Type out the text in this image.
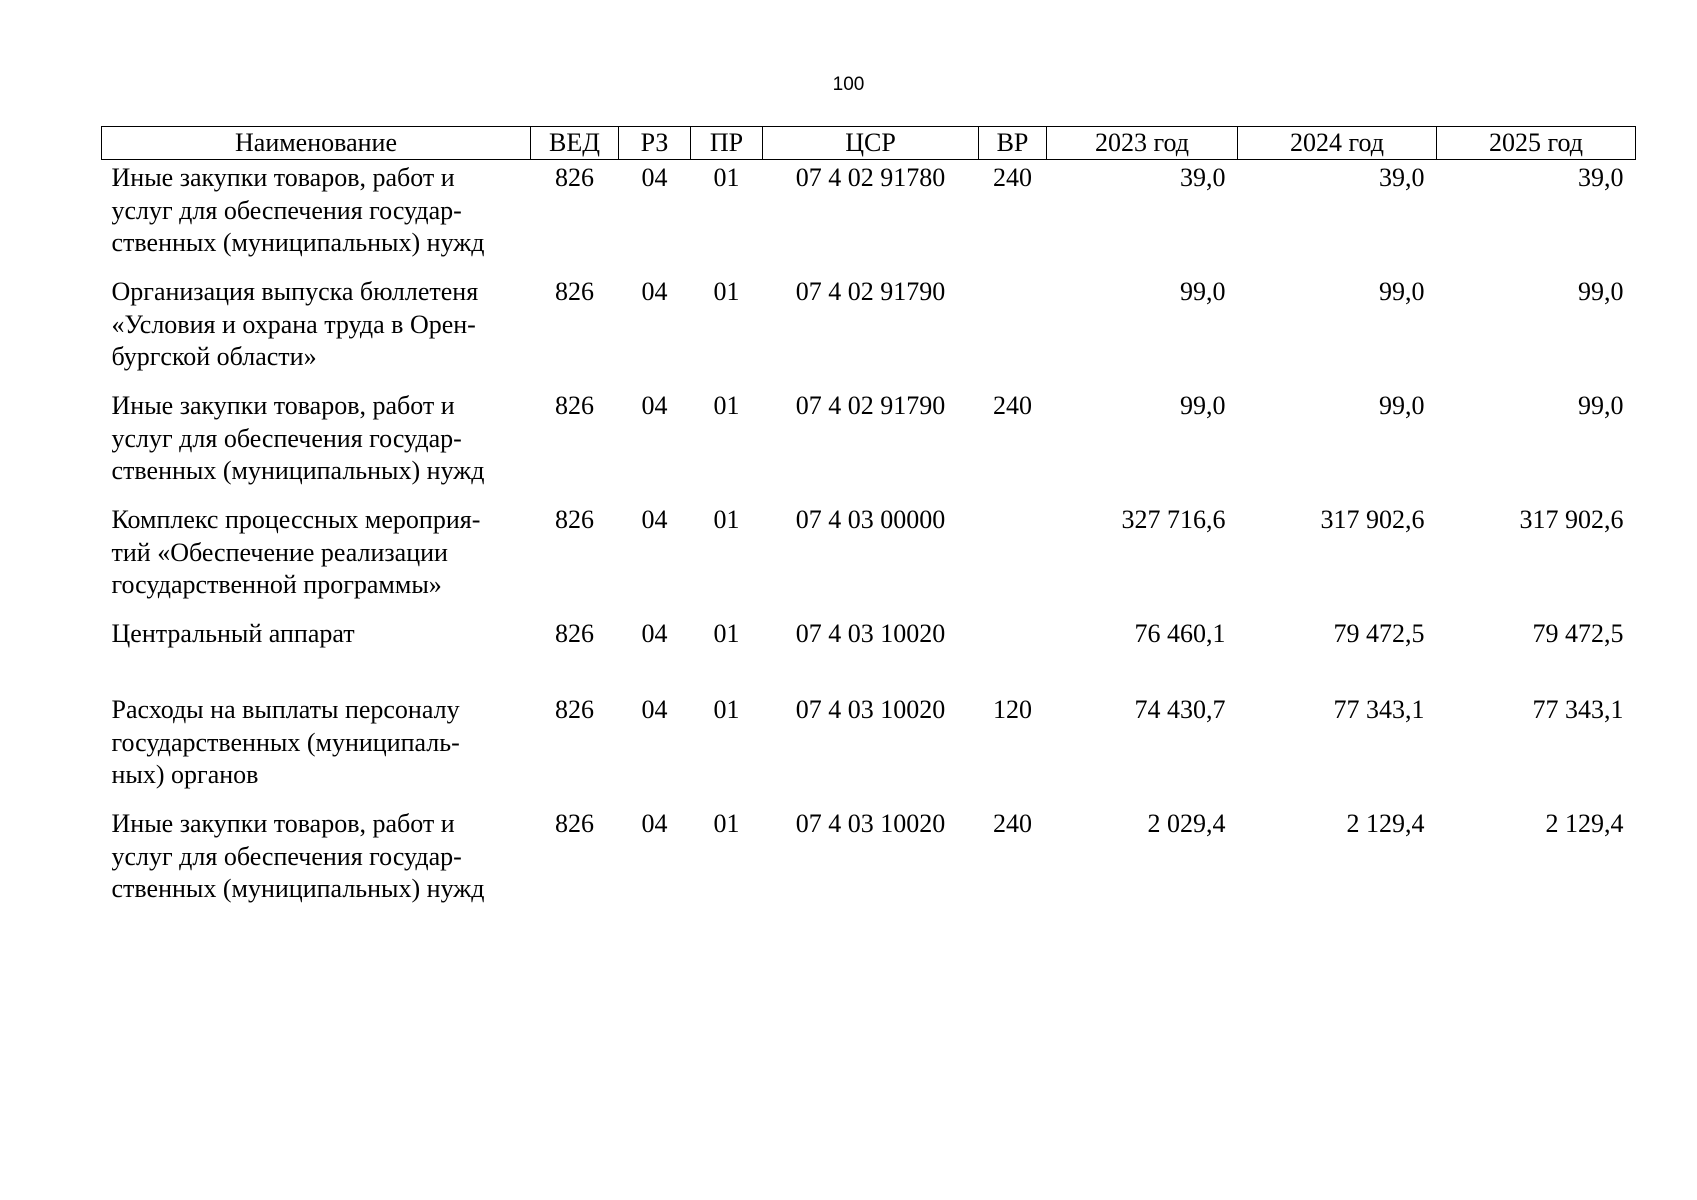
100
Наименование	ВЕД	РЗ	ПР	ЦСР	ВР	2023 год	2024 год	2025 год

Иные закупки товаров, работ и
услуг для обеспечения государ-
ственных (муниципальных) нужд	826	04	01	07 4 02 91780	240	39,0	39,0	39,0

Организация выпуска бюллетеня
«Условия и охрана труда в Орен-
бургской области»	826	04	01	07 4 02 91790		99,0	99,0	99,0

Иные закупки товаров, работ и
услуг для обеспечения государ-
ственных (муниципальных) нужд	826	04	01	07 4 02 91790	240	99,0	99,0	99,0

Комплекс процессных мероприя-
тий «Обеспечение реализации
государственной программы»	826	04	01	07 4 03 00000		327 716,6	317 902,6	317 902,6

Центральный аппарат	826	04	01	07 4 03 10020		76 460,1	79 472,5	79 472,5

Расходы на выплаты персоналу
государственных (муниципаль-
ных) органов	826	04	01	07 4 03 10020	120	74 430,7	77 343,1	77 343,1

Иные закупки товаров, работ и
услуг для обеспечения государ-
ственных (муниципальных) нужд	826	04	01	07 4 03 10020	240	2 029,4	2 129,4	2 129,4
